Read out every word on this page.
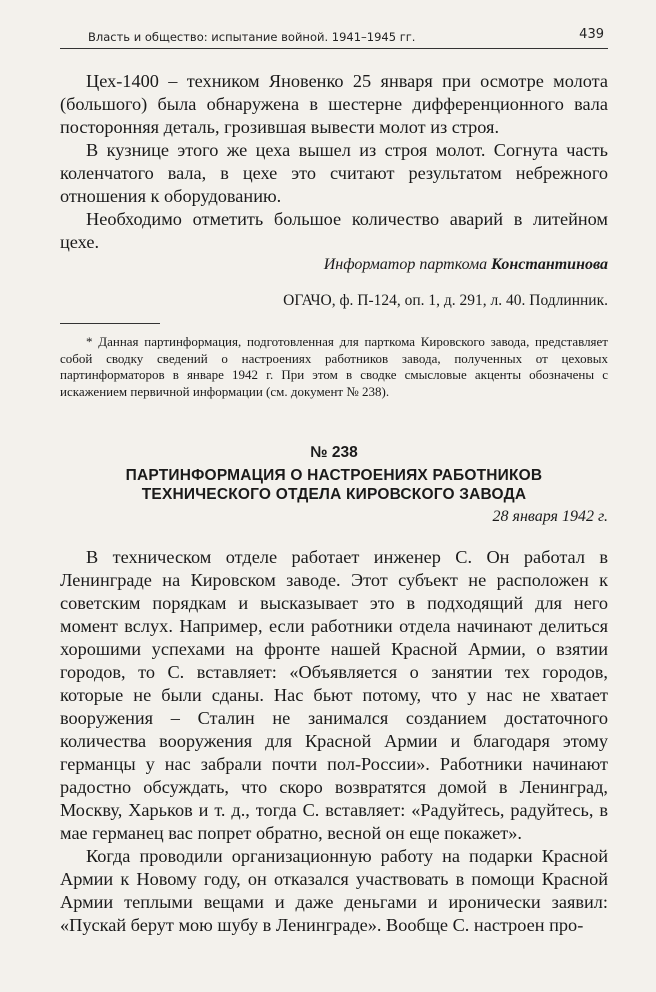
Власть и общество: испытание войной. 1941–1945 гг.	439

Цех-1400 – техником Яновенко 25 января при осмотре молота (большого) была обнаружена в шестерне дифференционного вала посторонняя деталь, грозившая вывести молот из строя.

В кузнице этого же цеха вышел из строя молот. Согнута часть коленчатого вала, в цехе это считают результатом небрежного отношения к оборудованию.

Необходимо отметить большое количество аварий в литейном цехе.

Информатор парткома Константинова

ОГАЧО, ф. П-124, оп. 1, д. 291, л. 40. Подлинник.

* Данная партинформация, подготовленная для парткома Кировского завода, представляет собой сводку сведений о настроениях работников завода, полученных от цеховых партинформаторов в январе 1942 г. При этом в сводке смысловые акценты обозначены с искажением первичной информации (см. документ № 238).

№ 238

ПАРТИНФОРМАЦИЯ О НАСТРОЕНИЯХ РАБОТНИКОВ

ТЕХНИЧЕСКОГО ОТДЕЛА КИРОВСКОГО ЗАВОДА

28 января 1942 г.

В техническом отделе работает инженер С. Он работал в Ленинграде на Кировском заводе. Этот субъект не расположен к советским порядкам и высказывает это в подходящий для него момент вслух. Например, если работники отдела начинают делиться хорошими успехами на фронте нашей Красной Армии, о взятии городов, то С. вставляет: «Объявляется о занятии тех городов, которые не были сданы. Нас бьют потому, что у нас не хватает вооружения – Сталин не занимался созданием достаточного количества вооружения для Красной Армии и благодаря этому германцы у нас забрали почти пол-России». Работники начинают радостно обсуждать, что скоро возвратятся домой в Ленинград, Москву, Харьков и т. д., тогда С. вставляет: «Радуйтесь, радуйтесь, в мае германец вас попрет обратно, весной он еще покажет».

Когда проводили организационную работу на подарки Красной Армии к Новому году, он отказался участвовать в помощи Красной Армии теплыми вещами и даже деньгами и иронически заявил: «Пускай берут мою шубу в Ленинграде». Вообще С. настроен про-
